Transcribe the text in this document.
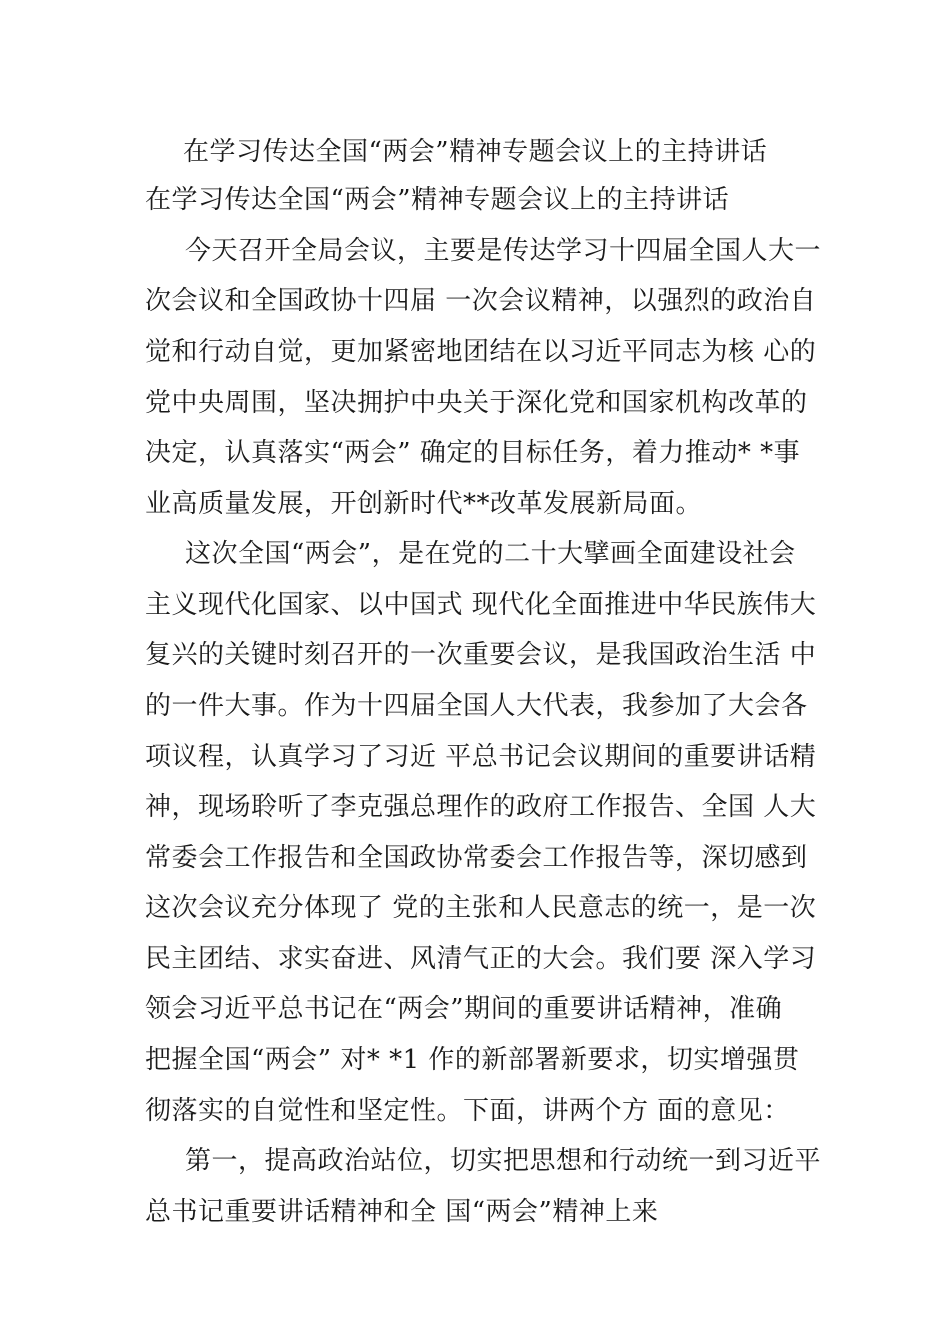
在学习传达全国“两会”精神专题会议上的主持讲话
在学习传达全国“两会”精神专题会议上的主持讲话
今天召开全局会议，主要是传达学习十四届全国人大一
次会议和全国政协十四届 一次会议精神，以强烈的政治自
觉和行动自觉，更加紧密地团结在以习近平同志为核 心的
党中央周围，坚决拥护中央关于深化党和国家机构改革的
决定，认真落实“两会” 确定的目标任务，着力推动* *事
业高质量发展，开创新时代**改革发展新局面。
这次全国“两会”，是在党的二十大擘画全面建设社会
主义现代化国家、以中国式 现代化全面推进中华民族伟大
复兴的关键时刻召开的一次重要会议，是我国政治生活 中
的一件大事。作为十四届全国人大代表，我参加了大会各
项议程，认真学习了习近 平总书记会议期间的重要讲话精
神，现场聆听了李克强总理作的政府工作报告、全国 人大
常委会工作报告和全国政协常委会工作报告等，深切感到
这次会议充分体现了 党的主张和人民意志的统一，是一次
民主团结、求实奋进、风清气正的大会。我们要 深入学习
领会习近平总书记在“两会”期间的重要讲话精神，准确
把握全国“两会” 对* *1 作的新部署新要求，切实增强贯
彻落实的自觉性和坚定性。下面，讲两个方 面的意见：
第一，提高政治站位，切实把思想和行动统一到习近平
总书记重要讲话精神和全 国“两会”精神上来
